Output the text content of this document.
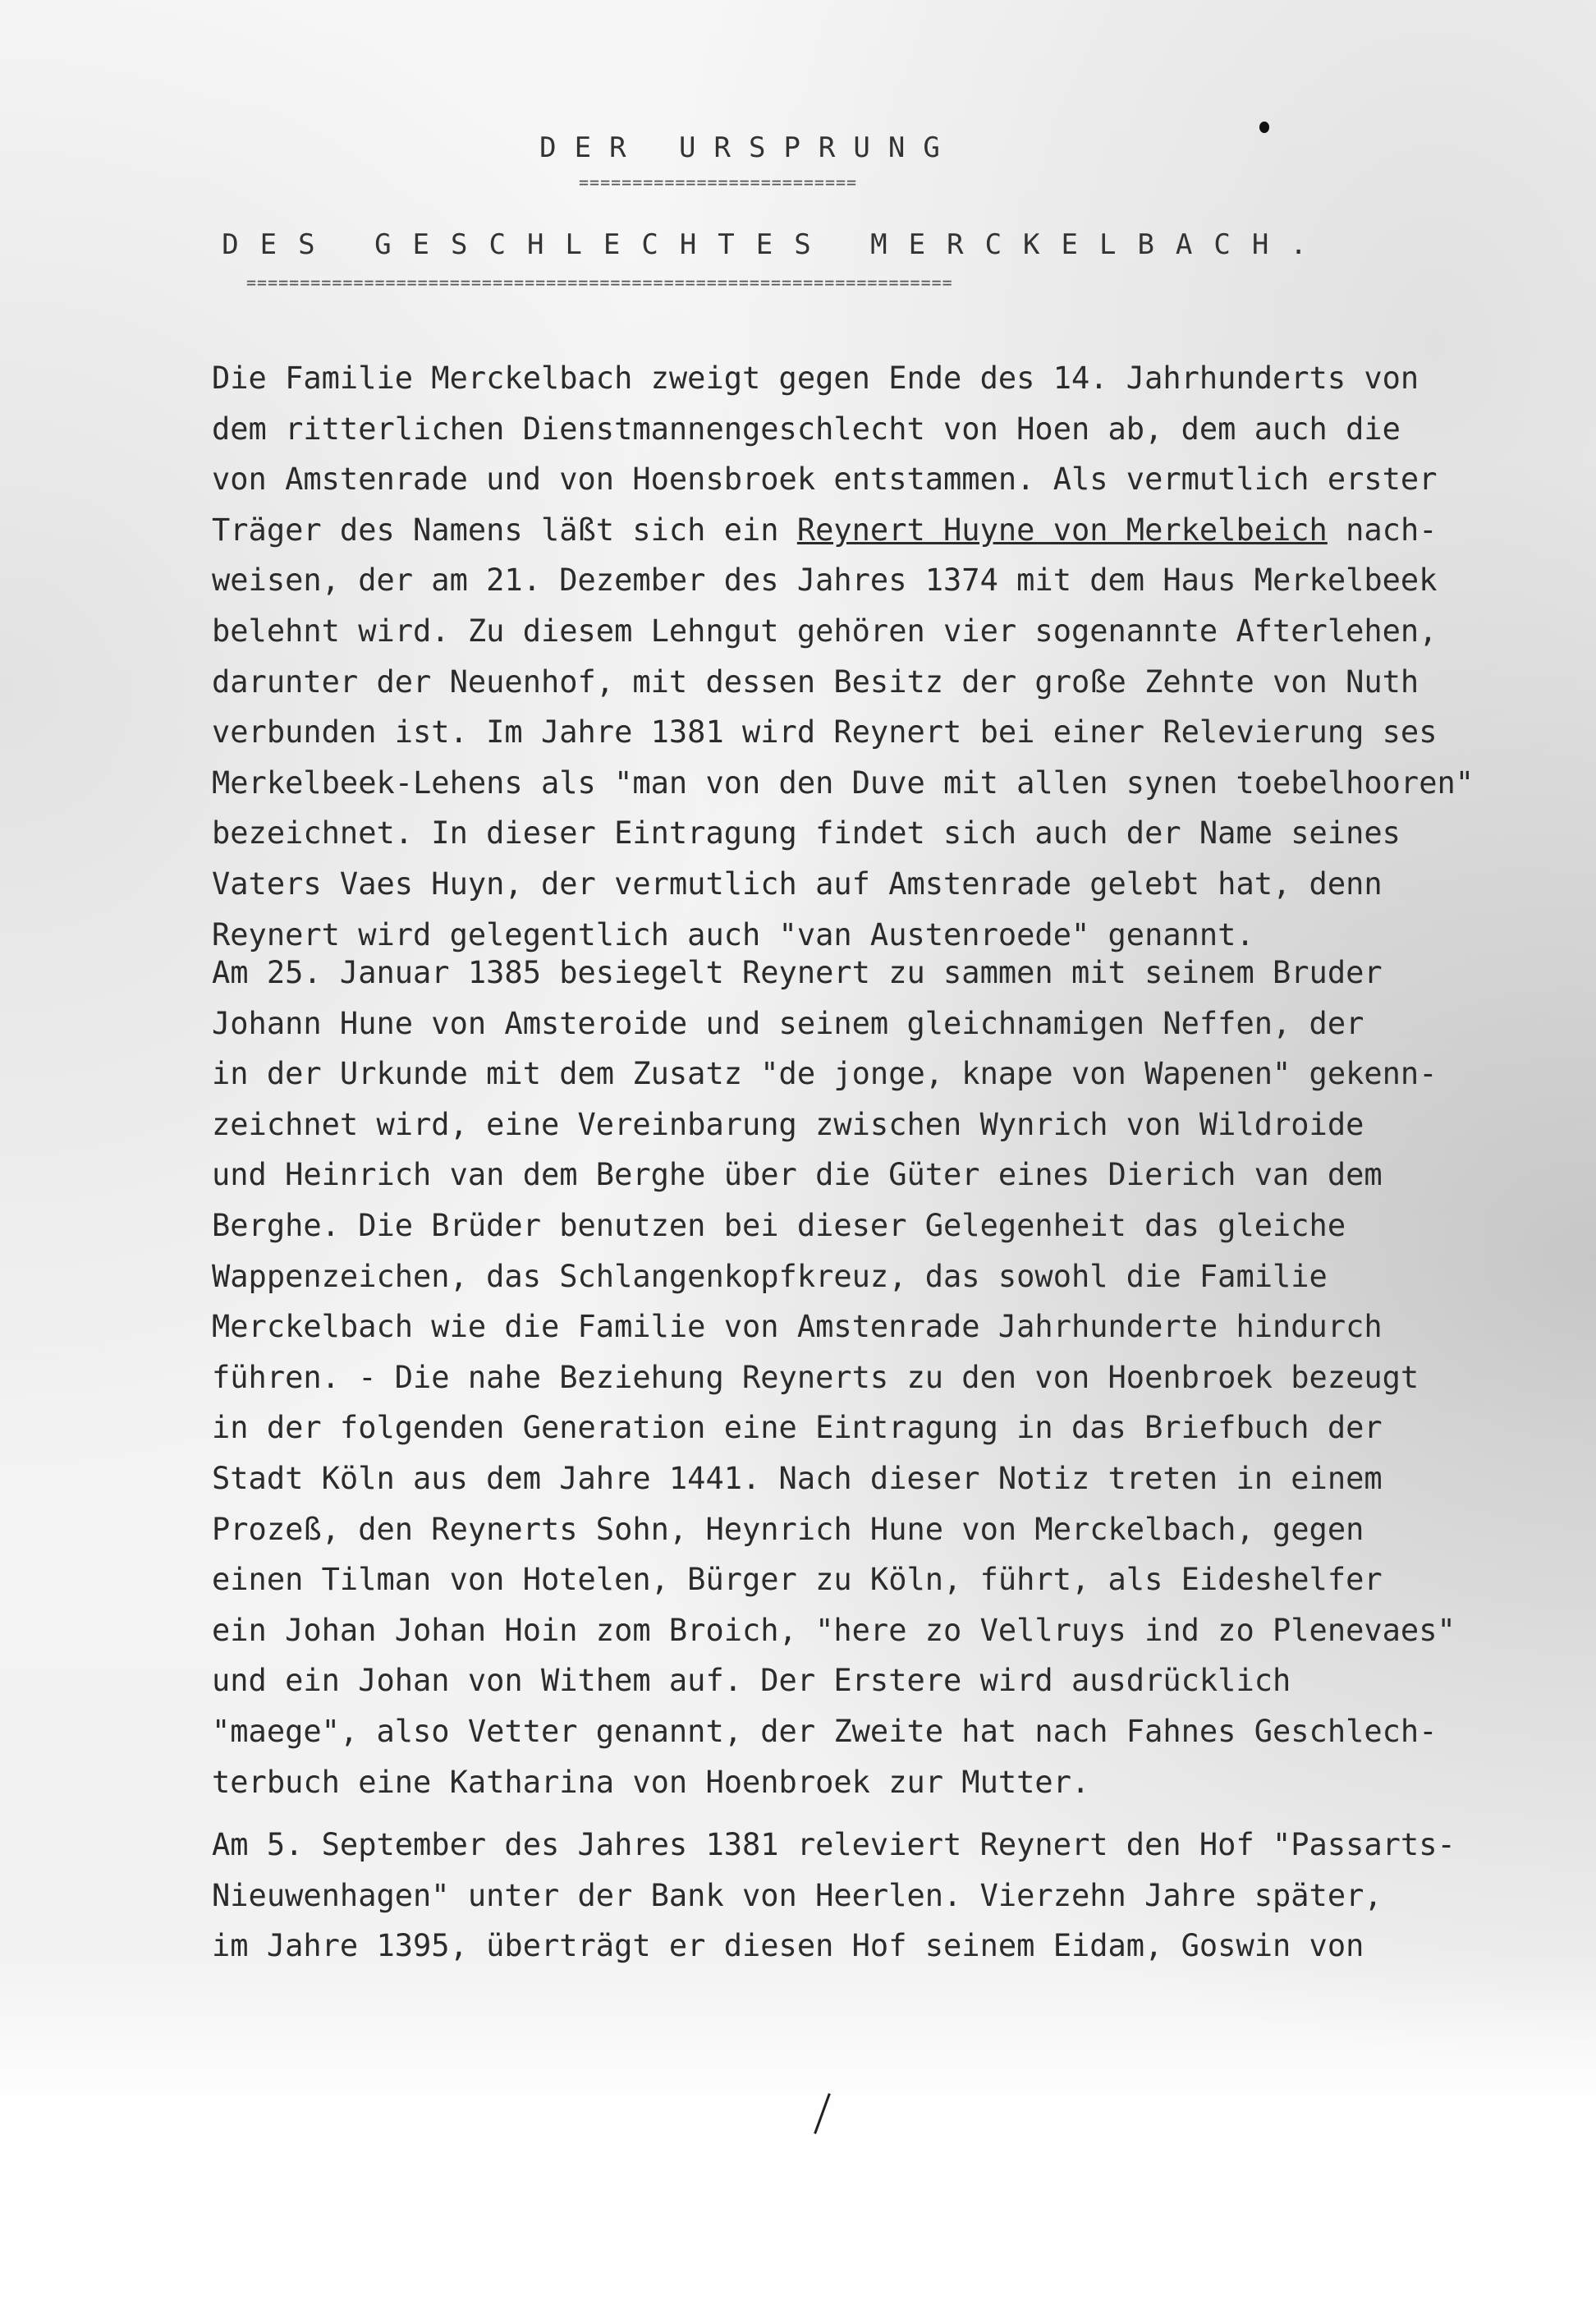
DER URSPRUNG
==========================
DES GESCHLECHTES MERCKELBACH.
==================================================================
Die Familie Merckelbach zweigt gegen Ende des 14. Jahrhunderts von
dem ritterlichen Dienstmannengeschlecht von Hoen ab, dem auch die
von Amstenrade und von Hoensbroek entstammen. Als vermutlich erster
Träger des Namens läßt sich ein Reynert Huyne von Merkelbeich nach-
weisen, der am 21. Dezember des Jahres 1374 mit dem Haus Merkelbeek
belehnt wird. Zu diesem Lehngut gehören vier sogenannte Afterlehen,
darunter der Neuenhof, mit dessen Besitz der große Zehnte von Nuth
verbunden ist. Im Jahre 1381 wird Reynert bei einer Relevierung ses
Merkelbeek-Lehens als "man von den Duve mit allen synen toebelhooren"
bezeichnet. In dieser Eintragung findet sich auch der Name seines
Vaters Vaes Huyn, der vermutlich auf Amstenrade gelebt hat, denn
Reynert wird gelegentlich auch "van Austenroede" genannt.
Am 25. Januar 1385 besiegelt Reynert zu sammen mit seinem Bruder
Johann Hune von Amsteroide und seinem gleichnamigen Neffen, der
in der Urkunde mit dem Zusatz "de jonge, knape von Wapenen" gekenn-
zeichnet wird, eine Vereinbarung zwischen Wynrich von Wildroide
und Heinrich van dem Berghe über die Güter eines Dierich van dem
Berghe. Die Brüder benutzen bei dieser Gelegenheit das gleiche
Wappenzeichen, das Schlangenkopfkreuz, das sowohl die Familie
Merckelbach wie die Familie von Amstenrade Jahrhunderte hindurch
führen. - Die nahe Beziehung Reynerts zu den von Hoenbroek bezeugt
in der folgenden Generation eine Eintragung in das Briefbuch der
Stadt Köln aus dem Jahre 1441. Nach dieser Notiz treten in einem
Prozeß, den Reynerts Sohn, Heynrich Hune von Merckelbach, gegen
einen Tilman von Hotelen, Bürger zu Köln, führt, als Eideshelfer
ein Johan Johan Hoin zom Broich, "here zo Vellruys ind zo Plenevaes"
und ein Johan von Withem auf. Der Erstere wird ausdrücklich
"maege", also Vetter genannt, der Zweite hat nach Fahnes Geschlech-
terbuch eine Katharina von Hoenbroek zur Mutter.
Am 5. September des Jahres 1381 releviert Reynert den Hof "Passarts-
Nieuwenhagen" unter der Bank von Heerlen. Vierzehn Jahre später,
im Jahre 1395, überträgt er diesen Hof seinem Eidam, Goswin von
